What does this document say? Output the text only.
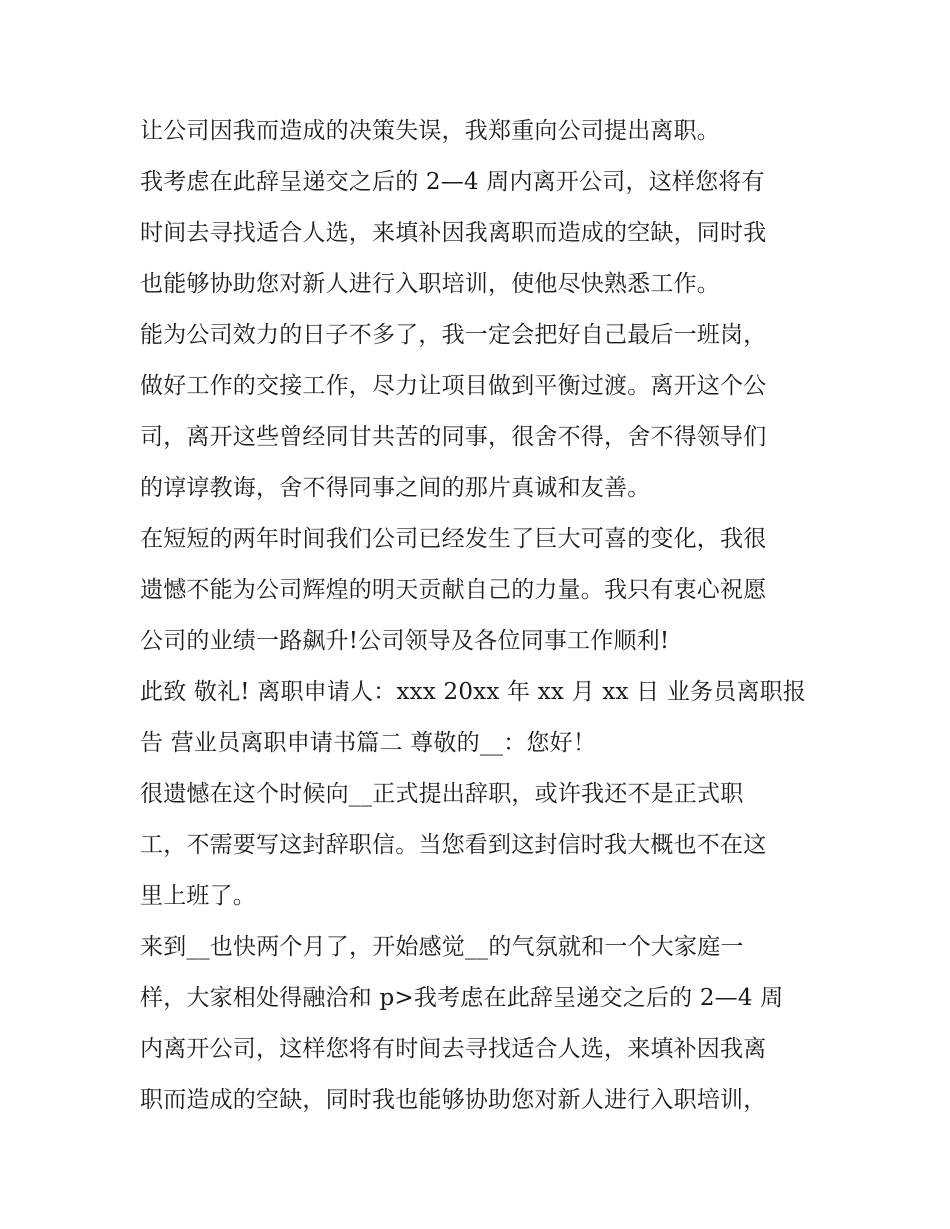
让公司因我而造成的决策失误，我郑重向公司提出离职。
我考虑在此辞呈递交之后的 2—4 周内离开公司，这样您将有
时间去寻找适合人选，来填补因我离职而造成的空缺，同时我
也能够协助您对新人进行入职培训，使他尽快熟悉工作。
能为公司效力的日子不多了，我一定会把好自己最后一班岗，
做好工作的交接工作，尽力让项目做到平衡过渡。离开这个公
司，离开这些曾经同甘共苦的同事，很舍不得，舍不得领导们
的谆谆教诲，舍不得同事之间的那片真诚和友善。
在短短的两年时间我们公司已经发生了巨大可喜的变化，我很
遗憾不能为公司辉煌的明天贡献自己的力量。我只有衷心祝愿
公司的业绩一路飙升!公司领导及各位同事工作顺利!
此致 敬礼! 离职申请人：xxx 20xx 年 xx 月 xx 日 业务员离职报
告 营业员离职申请书篇二 尊敬的__：您好！
很遗憾在这个时候向__正式提出辞职，或许我还不是正式职
工，不需要写这封辞职信。当您看到这封信时我大概也不在这
里上班了。
来到__也快两个月了，开始感觉__的气氛就和一个大家庭一
样，大家相处得融洽和 p>我考虑在此辞呈递交之后的 2—4 周
内离开公司，这样您将有时间去寻找适合人选，来填补因我离
职而造成的空缺，同时我也能够协助您对新人进行入职培训，
